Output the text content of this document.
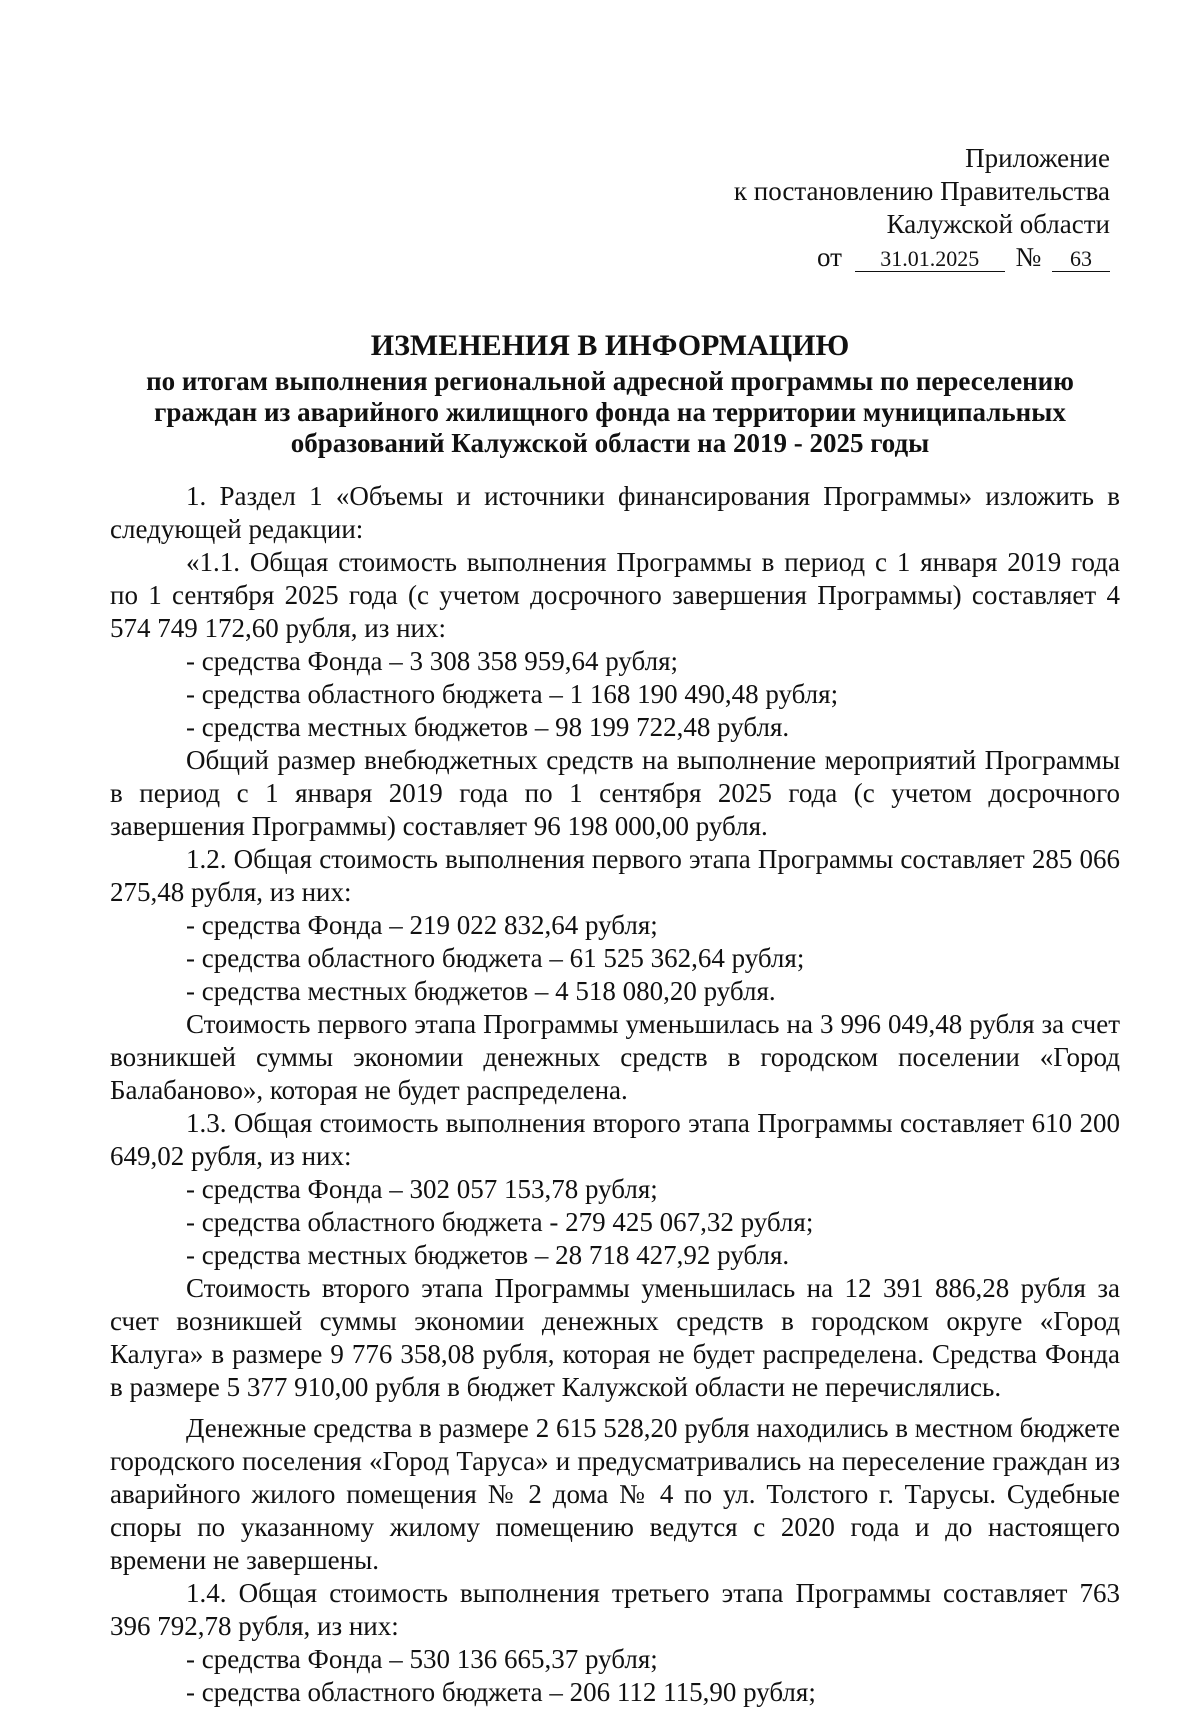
Приложение
к постановлению Правительства
Калужской области
от 31.01.2025 № 63
ИЗМЕНЕНИЯ В ИНФОРМАЦИЮ
по итогам выполнения региональной адресной программы по переселению
граждан из аварийного жилищного фонда на территории муниципальных
образований Калужской области на 2019 - 2025 годы

1. Раздел 1 «Объемы и источники финансирования Программы» изложить в следующей редакции:

«1.1. Общая стоимость выполнения Программы в период с 1 января 2019 года по 1 сентября 2025 года (с учетом досрочного завершения Программы) составляет 4 574 749 172,60 рубля, из них:

- средства Фонда – 3 308 358 959,64 рубля;

- средства областного бюджета – 1 168 190 490,48 рубля;

- средства местных бюджетов – 98 199 722,48 рубля.

Общий размер внебюджетных средств на выполнение мероприятий Программы в период с 1 января 2019 года по 1 сентября 2025 года (с учетом досрочного завершения Программы) составляет 96 198 000,00 рубля.

1.2. Общая стоимость выполнения первого этапа Программы составляет 285 066 275,48 рубля, из них:

- средства Фонда – 219 022 832,64 рубля;

- средства областного бюджета – 61 525 362,64 рубля;

- средства местных бюджетов – 4 518 080,20 рубля.

Стоимость первого этапа Программы уменьшилась на 3 996 049,48 рубля за счет возникшей суммы экономии денежных средств в городском поселении «Город Балабаново», которая не будет распределена.

1.3. Общая стоимость выполнения второго этапа Программы составляет 610 200 649,02 рубля, из них:

- средства Фонда – 302 057 153,78 рубля;

- средства областного бюджета - 279 425 067,32 рубля;

- средства местных бюджетов – 28 718 427,92 рубля.

Стоимость второго этапа Программы уменьшилась на 12 391 886,28 рубля за счет возникшей суммы экономии денежных средств в городском округе «Город Калуга» в размере 9 776 358,08 рубля, которая не будет распределена. Средства Фонда в размере 5 377 910,00 рубля в бюджет Калужской области не перечислялись.

Денежные средства в размере 2 615 528,20 рубля находились в местном бюджете городского поселения «Город Таруса» и предусматривались на переселение граждан из аварийного жилого помещения № 2 дома № 4 по ул. Толстого г. Тарусы. Судебные споры по указанному жилому помещению ведутся с 2020 года и до настоящего времени не завершены.

1.4. Общая стоимость выполнения третьего этапа Программы составляет 763 396 792,78 рубля, из них:

- средства Фонда – 530 136 665,37 рубля;

- средства областного бюджета – 206 112 115,90 рубля;
